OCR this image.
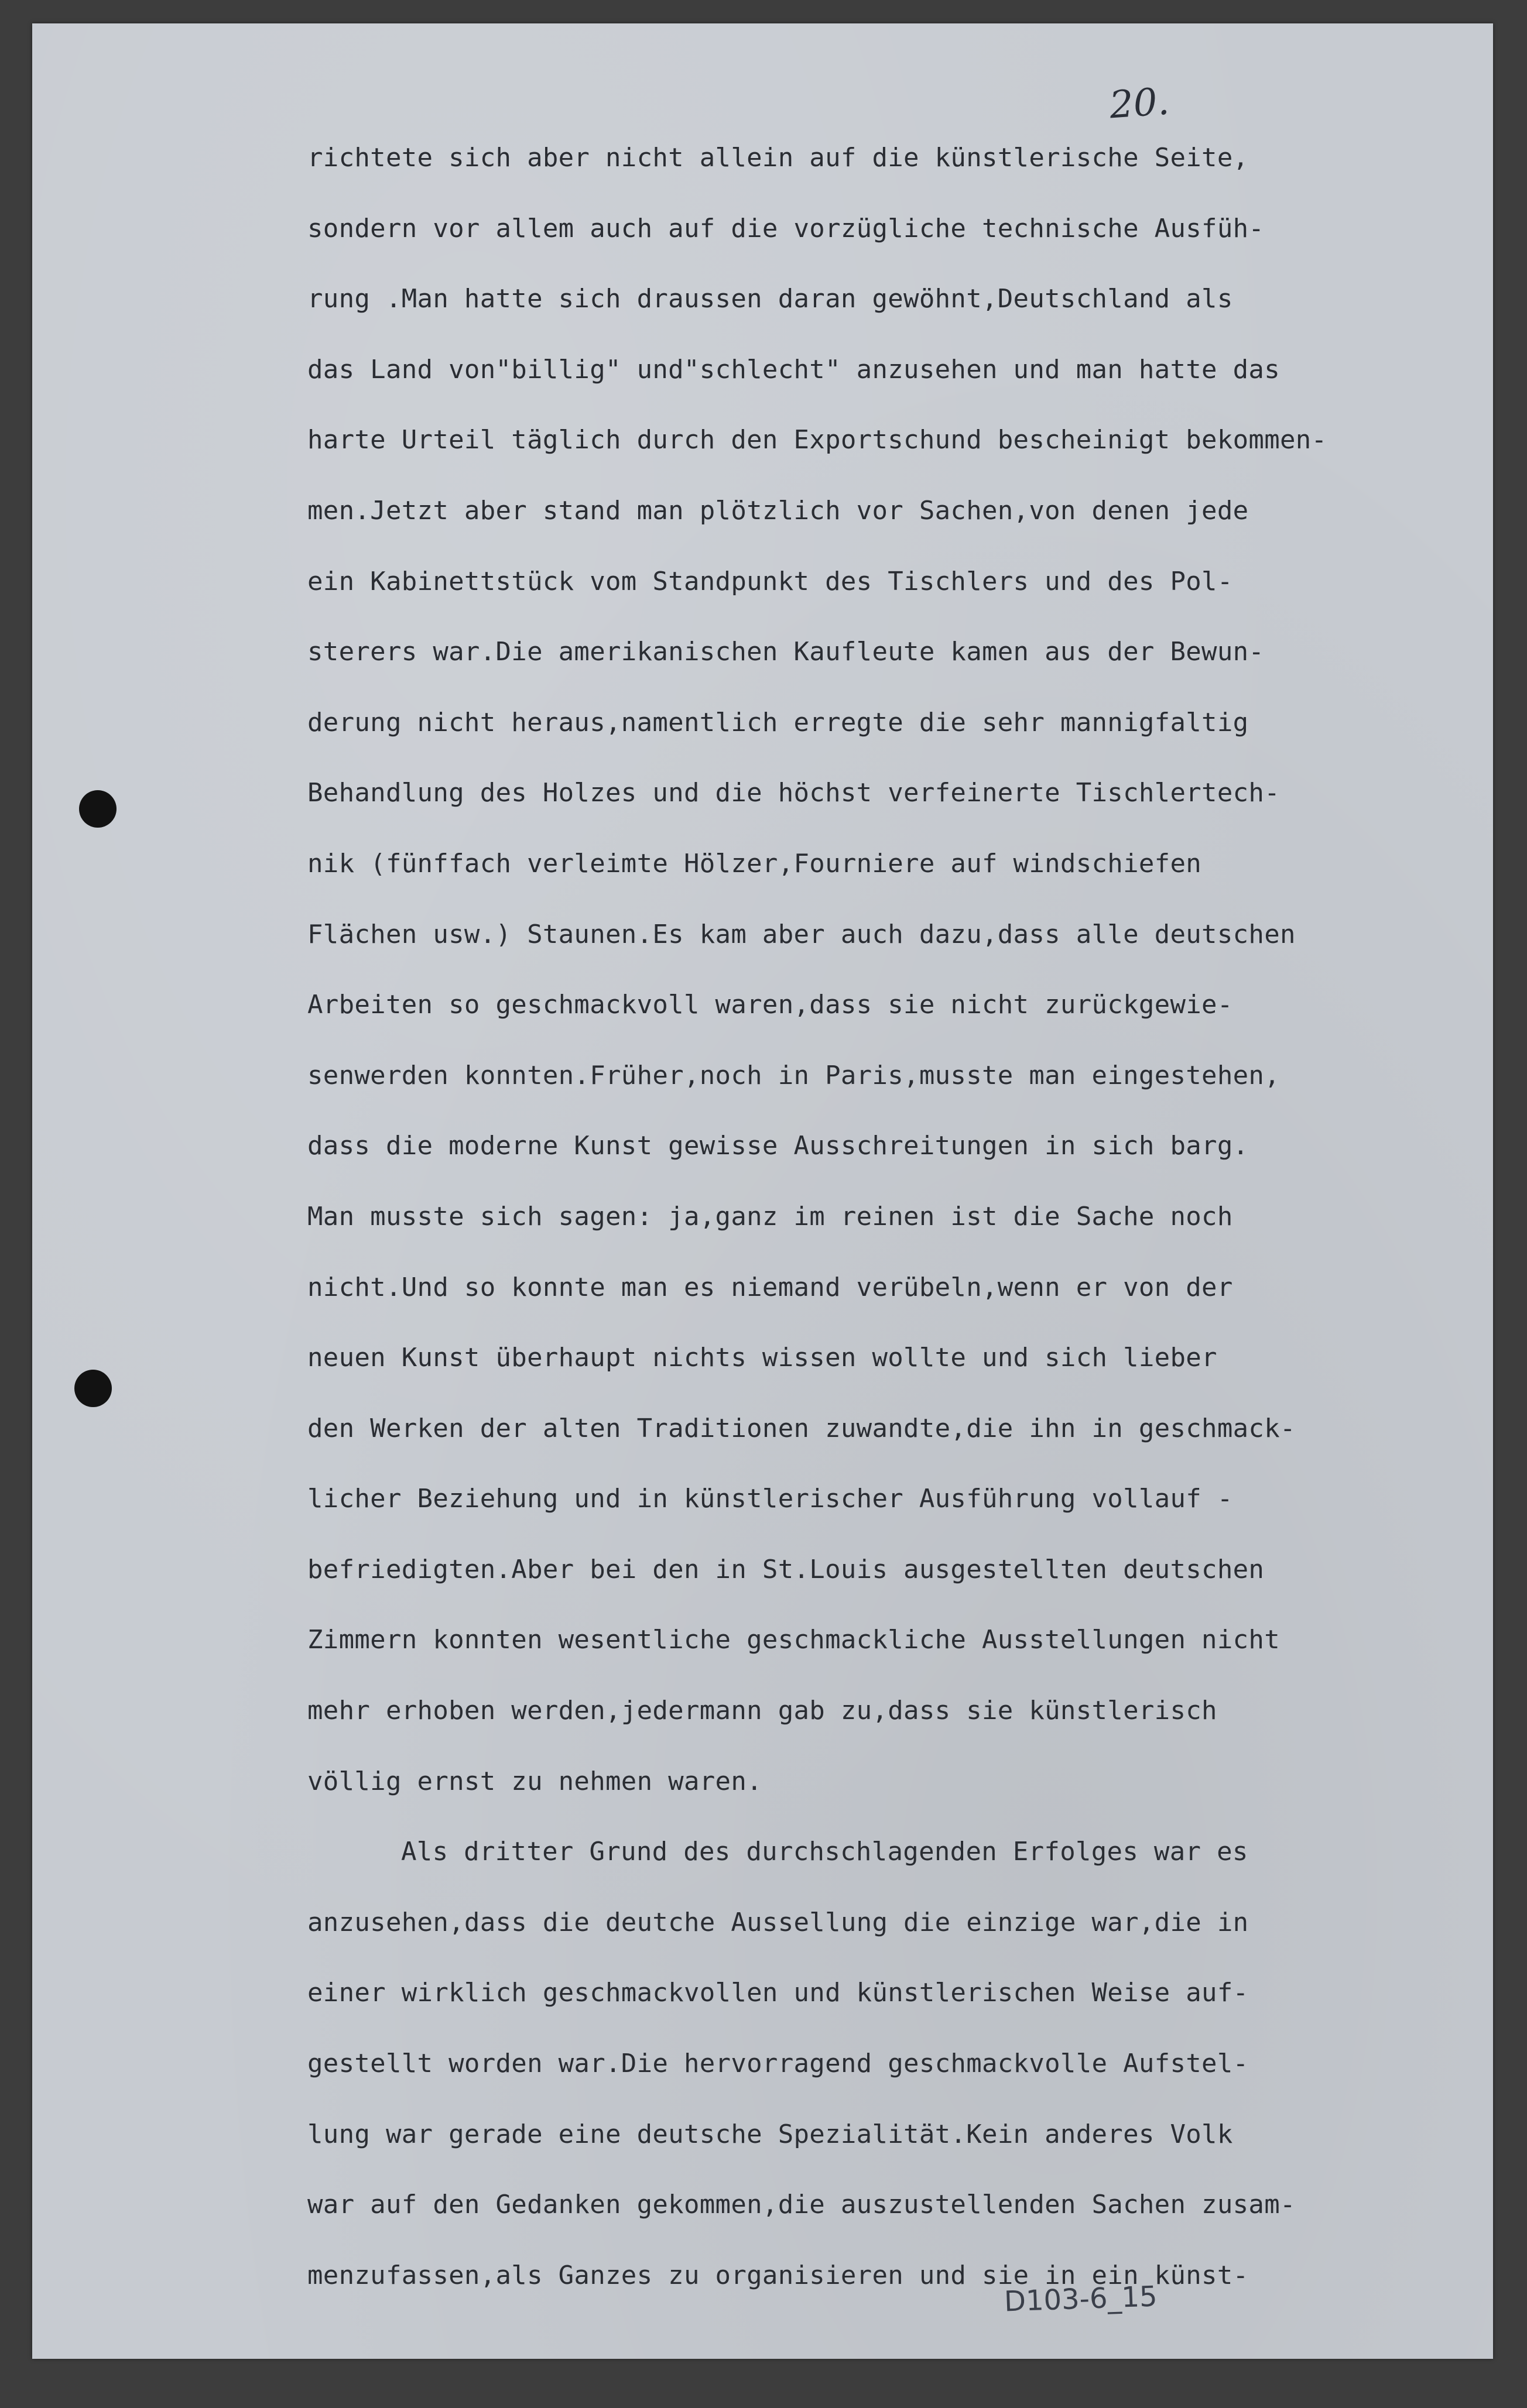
20.
richtete sich aber nicht allein auf die künstlerische Seite,
sondern vor allem auch auf die vorzügliche technische Ausfüh-
rung .Man hatte sich draussen daran gewöhnt,Deutschland als
das Land von"billig" und"schlecht" anzusehen und man hatte das
harte Urteil täglich durch den Exportschund bescheinigt bekommen-
men.Jetzt aber stand man plötzlich vor Sachen,von denen jede
ein Kabinettstück vom Standpunkt des Tischlers und des Pol-
sterers war.Die amerikanischen Kaufleute kamen aus der Bewun-
derung nicht heraus,namentlich erregte die sehr mannigfaltig
Behandlung des Holzes und die höchst verfeinerte Tischlertech-
nik (fünffach verleimte Hölzer,Fourniere auf windschiefen
Flächen usw.) Staunen.Es kam aber auch dazu,dass alle deutschen
Arbeiten so geschmackvoll waren,dass sie nicht zurückgewie-
senwerden konnten.Früher,noch in Paris,musste man eingestehen,
dass die moderne Kunst gewisse Ausschreitungen in sich barg.
Man musste sich sagen: ja,ganz im reinen ist die Sache noch
nicht.Und so konnte man es niemand verübeln,wenn er von der
neuen Kunst überhaupt nichts wissen wollte und sich lieber
den Werken der alten Traditionen zuwandte,die ihn in geschmack-
licher Beziehung und in künstlerischer Ausführung vollauf -
befriedigten.Aber bei den in St.Louis ausgestellten deutschen
Zimmern konnten wesentliche geschmackliche Ausstellungen nicht
mehr erhoben werden,jedermann gab zu,dass sie künstlerisch
völlig ernst zu nehmen waren.
Als dritter Grund des durchschlagenden Erfolges war es
anzusehen,dass die deutche Aussellung die einzige war,die in
einer wirklich geschmackvollen und künstlerischen Weise auf-
gestellt worden war.Die hervorragend geschmackvolle Aufstel-
lung war gerade eine deutsche Spezialität.Kein anderes Volk
war auf den Gedanken gekommen,die auszustellenden Sachen zusam-
menzufassen,als Ganzes zu organisieren und sie in ein künst-
D103-6_15
